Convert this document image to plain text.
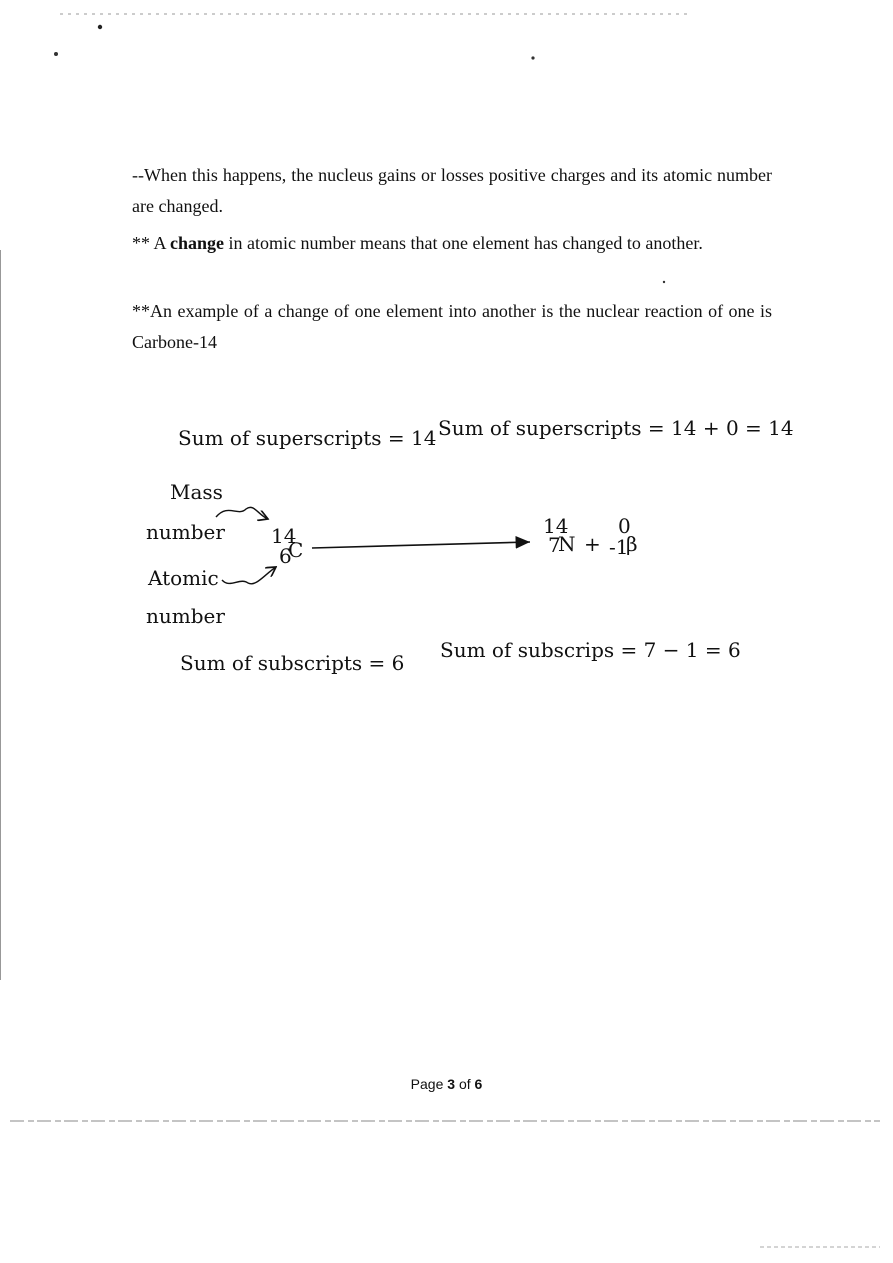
--When this happens, the nucleus gains or losses positive charges and its atomic number are changed.

** A change in atomic number means that one element has changed to another.

**An example of a change of one element into another is the nuclear reaction of one is Carbone-14

Sum of superscripts = 14 Sum of superscripts = 14 + 0 = 14
Mass
number
Atomic
number
14
6
C
14
7
N +
0
-1
β
Sum of subscripts = 6
Sum of subscrips = 7 − 1 = 6
Page 3 of 6
